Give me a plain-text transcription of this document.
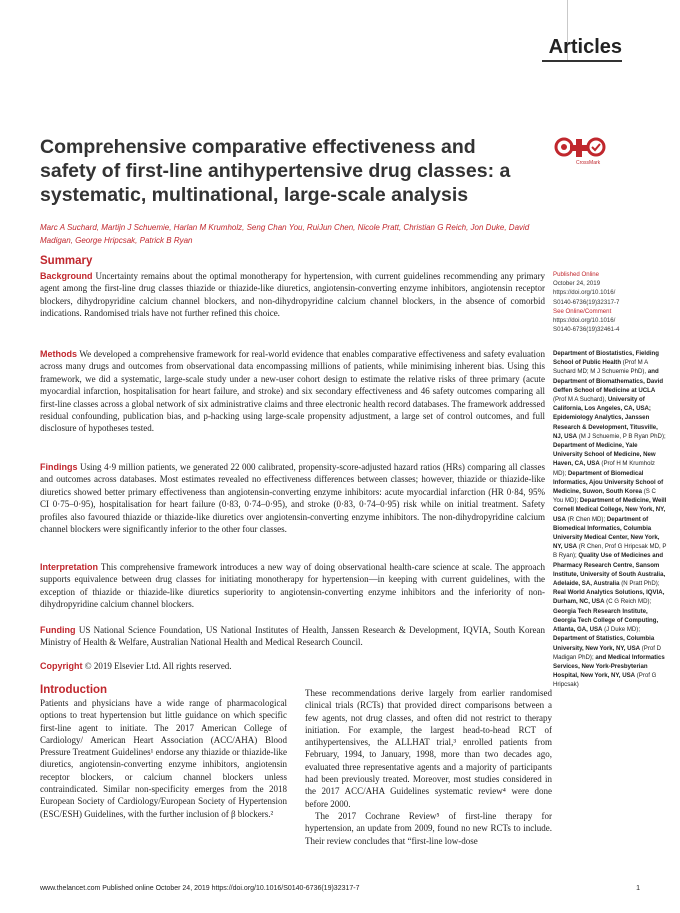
Articles
Comprehensive comparative effectiveness and safety of first-line antihypertensive drug classes: a systematic, multinational, large-scale analysis
CrossMark
Marc A Suchard, Martijn J Schuemie, Harlan M Krumholz, Seng Chan You, RuiJun Chen, Nicole Pratt, Christian G Reich, Jon Duke, David Madigan, George Hripcsak, Patrick B Ryan
Summary
Background Uncertainty remains about the optimal monotherapy for hypertension, with current guidelines recommending any primary agent among the first-line drug classes thiazide or thiazide-like diuretics, angiotensin-converting enzyme inhibitors, angiotensin receptor blockers, dihydropyridine calcium channel blockers, and non-dihydropyridine calcium channel blockers, in the absence of comorbid indications. Randomised trials have not further refined this choice.
Methods We developed a comprehensive framework for real-world evidence that enables comparative effectiveness and safety evaluation across many drugs and outcomes from observational data encompassing millions of patients, while minimising inherent bias. Using this framework, we did a systematic, large-scale study under a new-user cohort design to estimate the relative risks of three primary (acute myocardial infarction, hospitalisation for heart failure, and stroke) and six secondary effectiveness and 46 safety outcomes comparing all first-line classes across a global network of six administrative claims and three electronic health record databases. The framework addressed residual confounding, publication bias, and p-hacking using large-scale propensity adjustment, a large set of control outcomes, and full disclosure of hypotheses tested.
Findings Using 4·9 million patients, we generated 22 000 calibrated, propensity-score-adjusted hazard ratios (HRs) comparing all classes and outcomes across databases. Most estimates revealed no effectiveness differences between classes; however, thiazide or thiazide-like diuretics showed better primary effectiveness than angiotensin-converting enzyme inhibitors: acute myocardial infarction (HR 0·84, 95% CI 0·75–0·95), hospitalisation for heart failure (0·83, 0·74–0·95), and stroke (0·83, 0·74–0·95) risk while on initial treatment. Safety profiles also favoured thiazide or thiazide-like diuretics over angiotensin-converting enzyme inhibitors. The non-dihydropyridine calcium channel blockers were significantly inferior to the other four classes.
Interpretation This comprehensive framework introduces a new way of doing observational health-care science at scale. The approach supports equivalence between drug classes for initiating monotherapy for hypertension—in keeping with current guidelines, with the exception of thiazide or thiazide-like diuretics superiority to angiotensin-converting enzyme inhibitors and the inferiority of non-dihydropyridine calcium channel blockers.
Funding US National Science Foundation, US National Institutes of Health, Janssen Research & Development, IQVIA, South Korean Ministry of Health & Welfare, Australian National Health and Medical Research Council.
Copyright © 2019 Elsevier Ltd. All rights reserved.
Introduction

Patients and physicians have a wide range of pharmacological options to treat hypertension but little guidance on which specific first-line agent to initiate. The 2017 American College of Cardiology/ American Heart Association (ACC/AHA) Blood Pressure Treatment Guidelines¹ endorse any thiazide or thiazide-like diuretics, angiotensin-converting enzyme inhibitors, angiotensin receptor blockers, or calcium channel blockers unless contraindicated. Similar non-specificity emerges from the 2018 European Society of Cardiology/European Society of Hypertension (ESC/ESH) Guidelines, with the further inclusion of β blockers.²

These recommendations derive largely from earlier randomised clinical trials (RCTs) that provided direct comparisons between a few agents, not drug classes, and often did not restrict to therapy initiation. For example, the largest head-to-head RCT of antihypertensives, the ALLHAT trial,³ enrolled patients from February, 1994, to January, 1998, more than two decades ago, evaluated three representative agents and a majority of participants had been previously treated. Moreover, most studies considered in the 2017 ACC/AHA Guidelines systematic review⁴ were done before 2000.

The 2017 Cochrane Review⁵ of first-line therapy for hypertension, an update from 2009, found no new RCTs to include. Their review concludes that “first-line low-dose

Published Online
October 24, 2019
https://doi.org/10.1016/
S0140-6736(19)32317-7
See Online/Comment
https://doi.org/10.1016/
S0140-6736(19)32461-4
Department of Biostatistics, Fielding School of Public Health (Prof M A Suchard MD; M J Schuemie PhD), and Department of Biomathematics, David Geffen School of Medicine at UCLA (Prof M A Suchard), University of California, Los Angeles, CA, USA; Epidemiology Analytics, Janssen Research & Development, Titusville, NJ, USA (M J Schuemie, P B Ryan PhD); Department of Medicine, Yale University School of Medicine, New Haven, CA, USA (Prof H M Krumholz MD); Department of Biomedical Informatics, Ajou University School of Medicine, Suwon, South Korea (S C You MD); Department of Medicine, Weill Cornell Medical College, New York, NY, USA (R Chen MD); Department of Biomedical Informatics, Columbia University Medical Center, New York, NY, USA (R Chen, Prof G Hripcsak MD, P B Ryan); Quality Use of Medicines and Pharmacy Research Centre, Sansom Institute, University of South Australia, Adelaide, SA, Australia (N Pratt PhD); Real World Analytics Solutions, IQVIA, Durham, NC, USA (C G Reich MD); Georgia Tech Research Institute, Georgia Tech College of Computing, Atlanta, GA, USA (J Duke MD); Department of Statistics, Columbia University, New York, NY, USA (Prof D Madigan PhD); and Medical Informatics Services, New York-Presbyterian Hospital, New York, NY, USA (Prof G Hripcsak)
www.thelancet.com Published online October 24, 2019 https://doi.org/10.1016/S0140-6736(19)32317-7	1
